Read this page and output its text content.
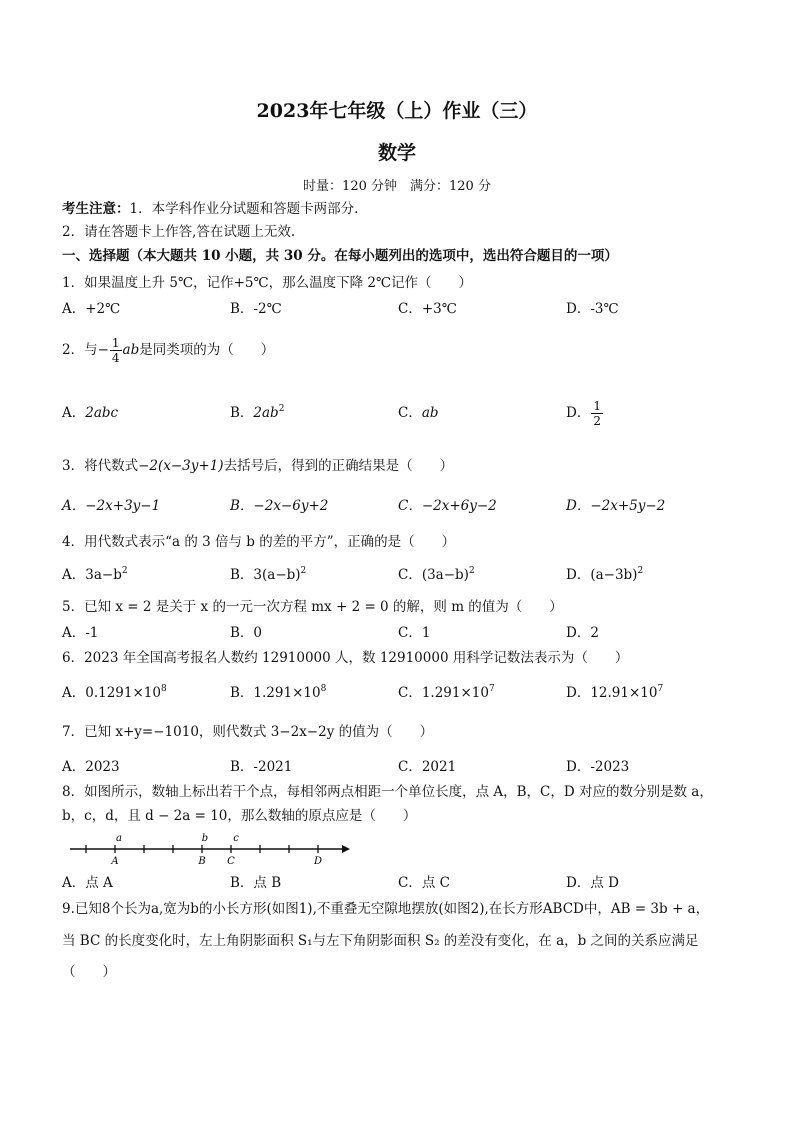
2023年七年级（上）作业（三）
数学
时量：120 分钟　满分：120 分
考生注意：1．本学科作业分试题和答题卡两部分.
2．请在答题卡上作答,答在试题上无效.
一、选择题（本大题共 10 小题，共 30 分。在每小题列出的选项中，选出符合题目的一项）
1．如果温度上升 5℃，记作+5℃，那么温度下降 2℃记作（　　）
A．+2℃	B．-2℃	C．+3℃	D．-3℃
2．与− $\frac{1}{4}$ ab是同类项的为（　　）
A．2abc	B．$2ab^2$	C．ab	D． $\frac{1}{2}$
3．将代数式−2(x−3y+1)去括号后，得到的正确结果是（　　）
A．−2x+3y−1	B．−2x−6y+2	C．−2x+6y−2	D．−2x+5y−2
4．用代数式表示“a 的 3 倍与 b 的差的平方”，正确的是（　　）
A．$3a-b^2$	B．$3(a-b)^2$	C．$(3a-b)^2$	D．$(a-3b)^2$
5．已知 x = 2 是关于 x 的一元一次方程 mx + 2 = 0 的解，则 m 的值为（　　）
A．-1	B．0	C．1	D．2
6．2023 年全国高考报名人数约 12910000 人，数 12910000 用科学记数法表示为（　　）
A．$0.1291\times 10^8$	B．$1.291\times 10^8$	C．$1.291\times 10^7$	D．$12.91\times 10^7$
7．已知 x+y=−1010，则代数式 3−2x−2y 的值为（　　）
A．2023	B．-2021	C．2021	D．-2023
8．如图所示，数轴上标出若干个点，每相邻两点相距一个单位长度，点 A，B，C，D 对应的数分别是数 a，
b，c，d，且 d − 2a = 10，那么数轴的原点应是（　　）
A	B C	D
a	b c
A．点 A	B．点 B	C．点 C	D．点 D
9.已知8个长为a,宽为b的小长方形(如图1),不重叠无空隙地摆放(如图2),在长方形ABCD中，AB = 3b + a，
当 BC 的长度变化时，左上角阴影面积 S₁与左下角阴影面积 S₂ 的差没有变化，在 a，b 之间的关系应满足
（　　）
